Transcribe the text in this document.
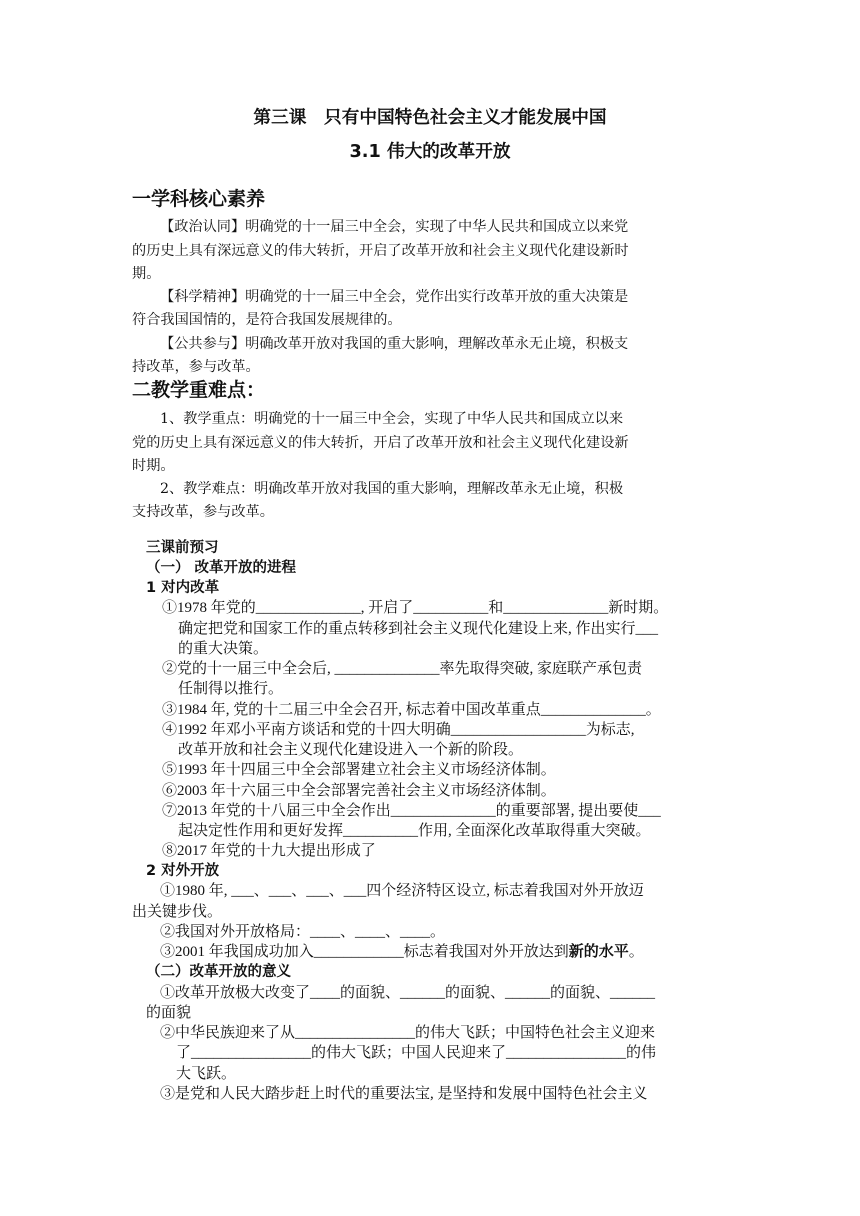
第三课　只有中国特色社会主义才能发展中国
3.1 伟大的改革开放
一学科核心素养
【政治认同】明确党的十一届三中全会，实现了中华人民共和国成立以来党
的历史上具有深远意义的伟大转折，开启了改革开放和社会主义现代化建设新时
期。
【科学精神】明确党的十一届三中全会，党作出实行改革开放的重大决策是
符合我国国情的，是符合我国发展规律的。
【公共参与】明确改革开放对我国的重大影响，理解改革永无止境，积极支
持改革，参与改革。
二教学重难点：
1、教学重点：明确党的十一届三中全会，实现了中华人民共和国成立以来
党的历史上具有深远意义的伟大转折，开启了改革开放和社会主义现代化建设新
时期。
2、教学难点：明确改革开放对我国的重大影响，理解改革永无止境，积极
支持改革，参与改革。
三课前预习
（一） 改革开放的进程
1 对内改革
①1978 年党的______________, 开启了__________和______________新时期。
确定把党和国家工作的重点转移到社会主义现代化建设上来, 作出实行___
的重大决策。
②党的十一届三中全会后, ______________率先取得突破, 家庭联产承包责
任制得以推行。
③1984 年, 党的十二届三中全会召开, 标志着中国改革重点______________。
④1992 年邓小平南方谈话和党的十四大明确__________________为标志,
改革开放和社会主义现代化建设进入一个新的阶段。
⑤1993 年十四届三中全会部署建立社会主义市场经济体制。
⑥2003 年十六届三中全会部署完善社会主义市场经济体制。
⑦2013 年党的十八届三中全会作出______________的重要部署, 提出要使___
起决定性作用和更好发挥__________作用, 全面深化改革取得重大突破。
⑧2017 年党的十九大提出形成了
2 对外开放
①1980 年, ___、___、___、___四个经济特区设立, 标志着我国对外开放迈
出关键步伐。
②我国对外开放格局：____、____、____。
③2001 年我国成功加入____________标志着我国对外开放达到新的水平。
（二）改革开放的意义
①改革开放极大改变了____的面貌、______的面貌、______的面貌、______
的面貌
②中华民族迎来了从________________的伟大飞跃；中国特色社会主义迎来
了________________的伟大飞跃；中国人民迎来了________________的伟
大飞跃。
③是党和人民大踏步赶上时代的重要法宝, 是坚持和发展中国特色社会主义
